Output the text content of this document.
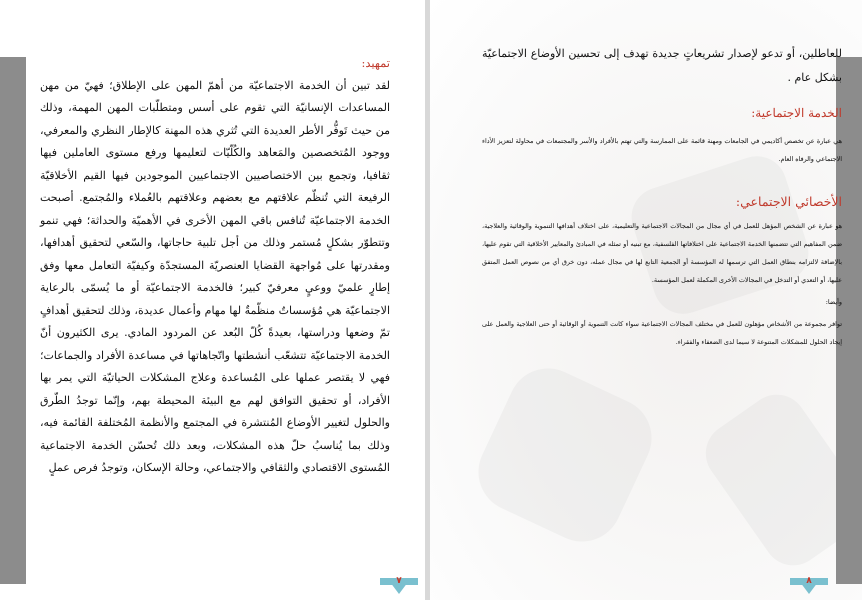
تمهيد:

لقد تبين أن الخدمة الاجتماعيّة من أهمّ المهن على الإطلاق؛ فهيّ من مهن المساعدات الإنسانيّة التي تقوم على أسس ومتطلّبات المهن المهمة، وذلك من حيث تَوفُّر الأطر العديدة التي تُثري هذه المهنة كالإطار النظري والمعرفي، ووجود المُتخصصين والمَعاهد والكُلّيّات لتعليمها ورفع مستوى العاملين فيها ثقافيا، وتجمع بين الاختصاصيين الاجتماعيين الموجودين فيها القيم الأخلاقيّة الرفيعة التي تُنظّم علاقتهم مع بعضهم وعلاقتهم بالعُملاء والمُجتمع. أصبحت الخدمة الاجتماعيّة تُنافس باقي المهن الأخرى في الأهميّة والحداثة؛ فهي تنمو وتتطوّر بشكلٍ مُستمر وذلك من أجل تلبية حاجاتها، والسّعي لتحقيق أهدافها، ومقدرتها على مُواجهة القضايا العنصريّة المستجدّة وكيفيّة التعامل معها وفق إطارٍ علميّ ووعيٍ معرفيّ كبير؛ فالخدمة الاجتماعيّة أو ما يُسمّى بالرعاية الاجتماعيّة هي مُؤسساتٌ منظّمةٌ لها مهام وأعمال عديدة، وذلك لتحقيق أهدافٍ تمّ وضعها ودراستها، بعيدةً كُلّ البُعد عن المردود المادي. يرى الكثيرون أنّ الخدمة الاجتماعيّة تتشعّب أنشطتها واتّجاهاتها في مساعدة الأفراد والجماعات؛ فهي لا يقتصر عملها على المُساعدة وعلاج المشكلات الحياتيّة التي يمر بها الأفراد، أو تحقيق التوافق لهم مع البيئة المحيطة بهم، وإنّما توجدُ الطّرق والحلول لتغيير الأوضاع المُنتشرة في المجتمع والأنظمة المُختلفة القائمة فيه، وذلك بما يُناسبُ حلّ هذه المشكلات، وبعد ذلك تُحسّن الخدمة الاجتماعية المُستوى الاقتصادي والثقافي والاجتماعي، وحالة الإسكان، وتوجدُ فرص عملٍ

٧

للعاطلين، أو تدعو لإصدار تشريعاتٍ جديدة تهدف إلى تحسين الأوضاع الاجتماعيّة بشكل عام .

الخدمة الاجتماعية:

هي عبارة عن تخصص أكاديمي في الجامعات ومهنة قائمة على الممارسة والتي تهتم بالأفراد والأسر والمجتمعات في محاولة لتعزيز الأداء الاجتماعي والرفاه العام.

الأخصائي الاجتماعي:

هو عبارة عن الشخص المؤهل للعمل في أي مجال من المجالات الاجتماعية والتعليمية، على اختلاف أهدافها التنموية والوقائية والعلاجية، ضمن المفاهيم التي تتضمنها الخدمة الاجتماعية على اختلافاتها الفلسفية، مع تبنيه أو تمثله في المبادئ والمعايير الأخلاقية التي تقوم عليها، بالإضافة لالتزامه بنطاق العمل التي ترسمها له المؤسسة أو الجمعية التابع لها في مجال عمله، دون خرق أي من نصوص العمل المتفق عليها، أو التعدي أو التدخل في المجالات الأخرى المكملة لعمل المؤسسة.

وأيضا:

توافر مجموعة من الأشخاص مؤهلون للعمل في مختلف المجالات الاجتماعية سواء كانت التنموية أو الوقائية أو حتى العلاجية والعمل على إيجاد الحلول للمشكلات المتنوعة لا سيما لدى الضعفاء والفقراء.

٨
